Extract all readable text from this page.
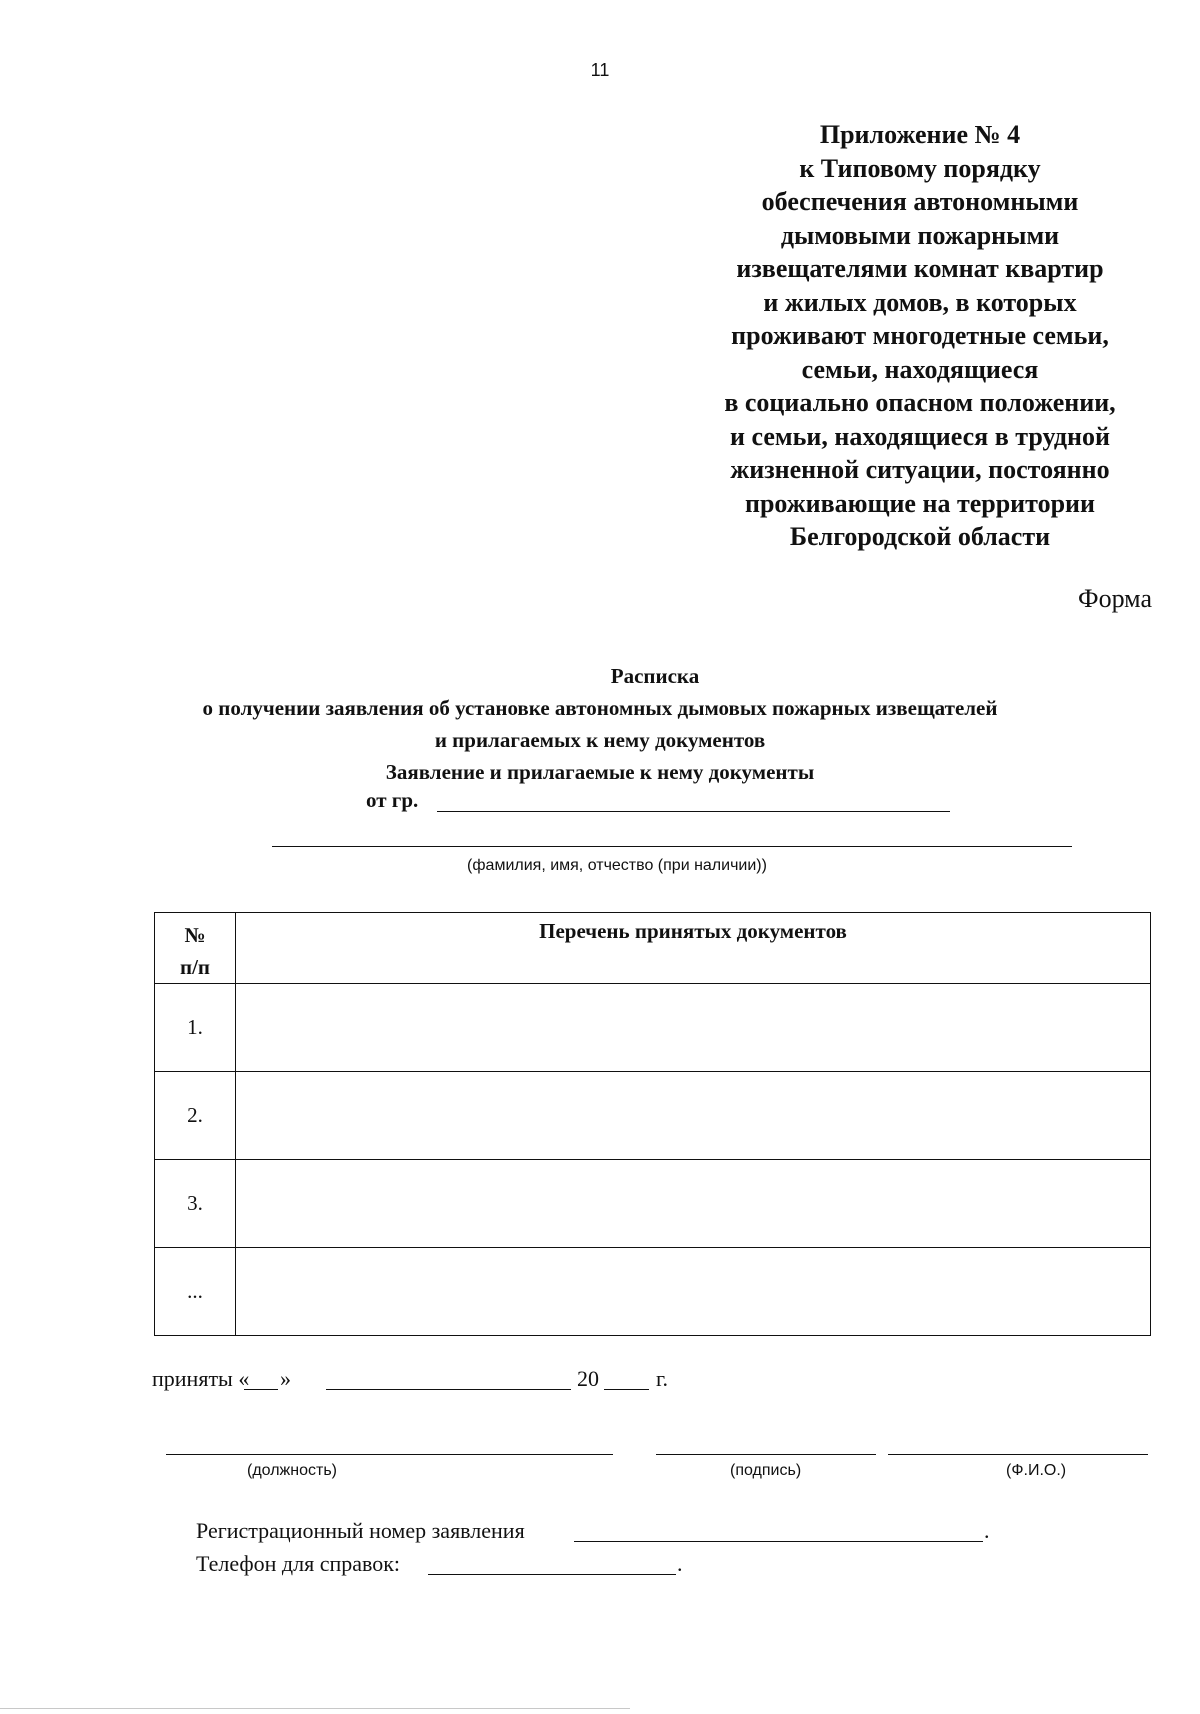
11
Приложение № 4
к Типовому порядку
обеспечения автономными
дымовыми пожарными
извещателями комнат квартир
и жилых домов, в которых
проживают многодетные семьи,
семьи, находящиеся
в социально опасном положении,
и семьи, находящиеся в трудной
жизненной ситуации, постоянно
проживающие на территории
Белгородской области
Форма
Расписка
о получении заявления об установке автономных дымовых пожарных извещателей
и прилагаемых к нему документов
Заявление и прилагаемые к нему документы
от гр.
(фамилия, имя, отчество (при наличии))
№
п/п	Перечень принятых документов

1.	
2.	
3.	
...	
приняты « »	20	г.
(должность)	(подпись)	(Ф.И.О.)
Регистрационный номер заявления	.
Телефон для справок:	.
